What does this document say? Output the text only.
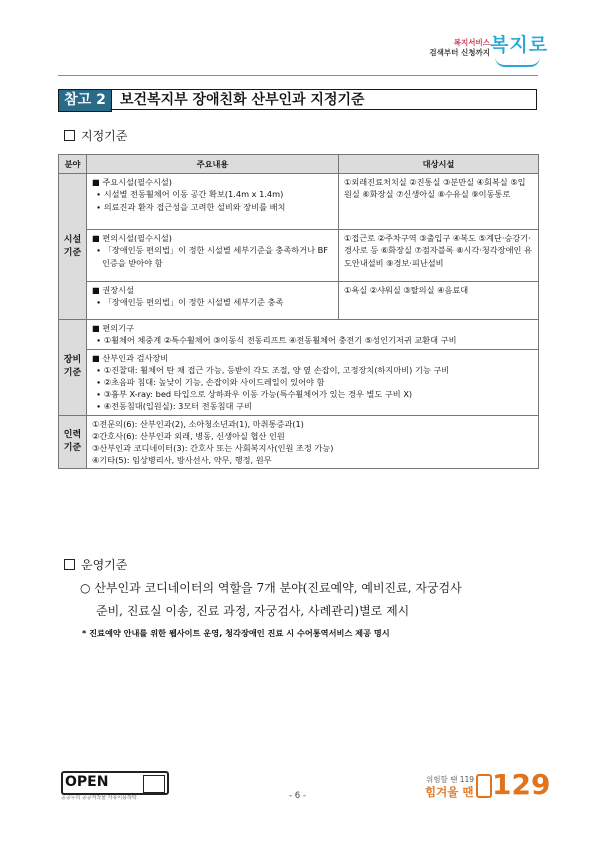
복지서비스
검색부터 신청까지 복지로
참고 2	보건복지부 장애친화 산부인과 지정기준
지정기준
분야	주요내용	대상시설
시설
기준	■ 주요시설(필수시설)
∙ 시설별 전동휠체어 이동 공간 확보(1.4m x 1.4m)
∙ 의료진과 환자 접근성을 고려한 설비와 장비를 배치	①외래진료처치실 ②진통실 ③분만실 ④회복실 ⑤입원실 ⑥화장실 ⑦신생아실 ⑧수유실 ⑨이동통로

	■ 편의시설(필수시설)
∙ 「장애인등 편의법」이 정한 시설별 세부기준을 충족하거나 BF 인증을 받아야 함	①접근로 ②주차구역 ③출입구 ④복도 ⑤계단·승강기·경사로 등 ⑥화장실 ⑦점자블록 ⑧시각·청각장애인 유도안내설비 ⑨경보·피난설비

	■ 권장시설
∙ 「장애인등 편의법」이 정한 시설별 세부기준 충족	①욕실 ②샤워실 ③탈의실 ④음료대
장비
기준	■ 편의기구
∙ ①휠체어 체중계 ②특수휠체어 ③이동식 전동리프트 ④전동휠체어 충전기 ⑤성인기저귀 교환대 구비	

	■ 산부인과 검사장비
∙ ①진찰대: 휠체어 탄 채 접근 가능, 등받이 각도 조절, 양 옆 손잡이, 고정장치(하지마비) 기능 구비
∙ ②초음파 침대: 높낮이 기능, 손잡이와 사이드레일이 있어야 함
∙ ③흉부 X-ray: bed 타입으로 상하좌우 이동 가능(특수휠체어가 있는 경우 별도 구비 X)
∙ ④전동침대(입원실): 3모터 전동침대 구비	

인력
기준	①전문의(6): 산부인과(2), 소아청소년과(1), 마취통증과(1)
②간호사(6): 산부인과 외래, 병동, 신생아실 협산 인원
③산부인과 코디네이터(3): 간호사 또는 사회복지사(인원 조정 가능)
④기타(5): 임상병리사, 방사선사, 약무, 행정, 원무	
운영기준
○ 산부인과 코디네이터의 역할을 7개 분야(진료예약, 예비진료, 자궁검사
준비, 진료실 이송, 진료 과정, 자궁검사, 사례관리)별로 제시
* 진료예약 안내를 위한 웹사이트 운영, 청각장애인 진료 시 수어통역서비스 제공 명시
OPEN
공공누리 공공저작물 자유이용허락	- 6 -
위험할 땐 119
힘겨울 땐 129
